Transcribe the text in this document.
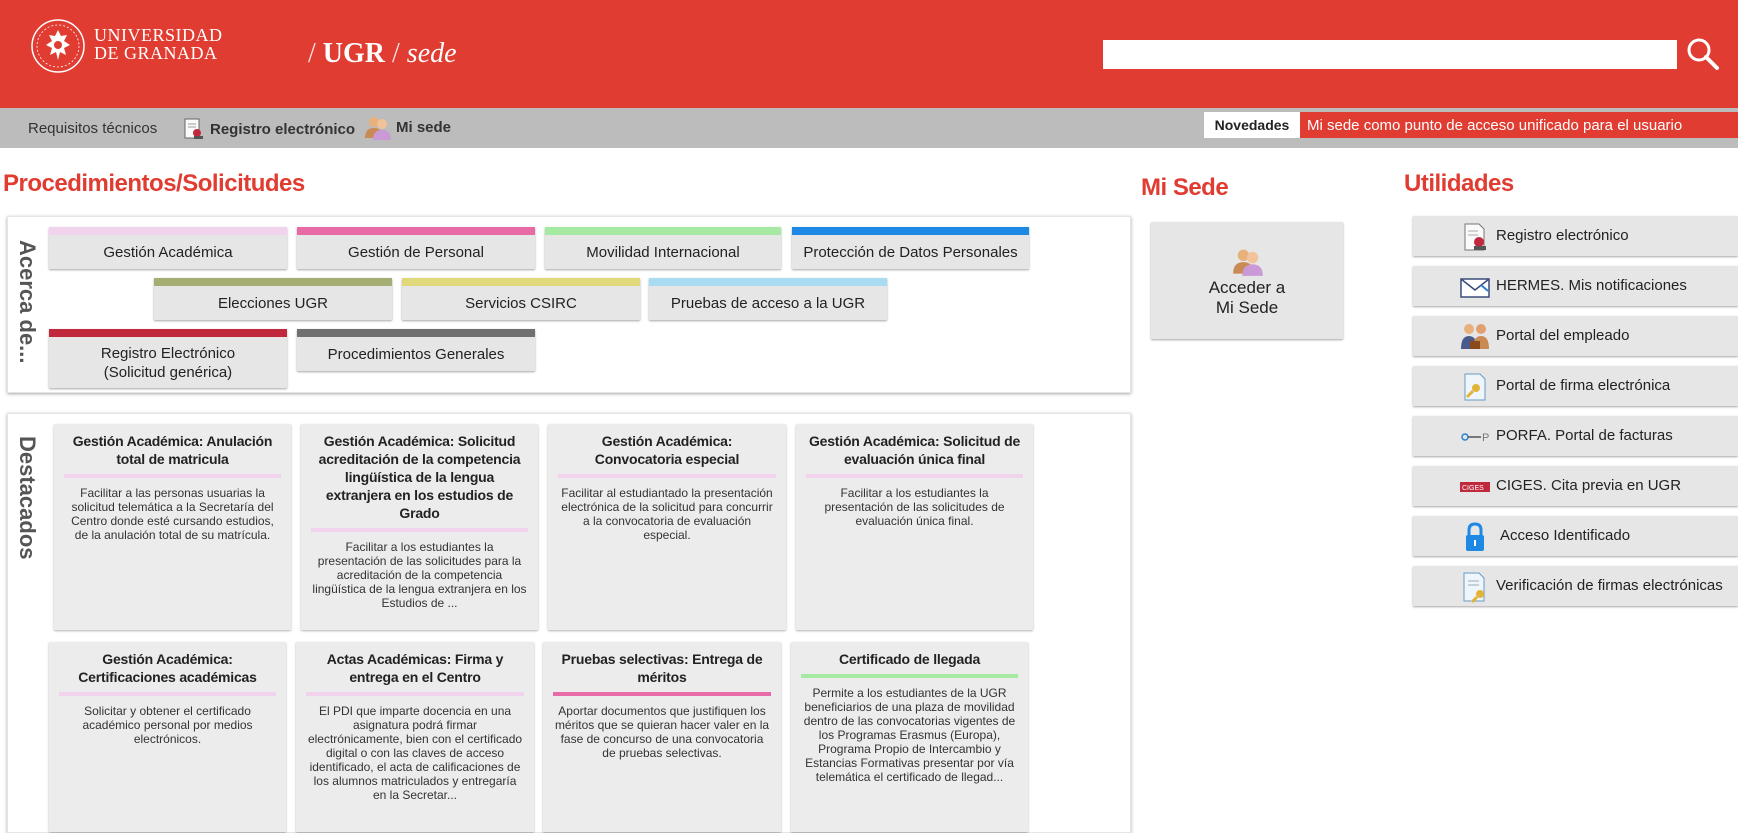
UNIVERSIDAD
DE GRANADA	/ UGR / sede
Requisitos técnicos	Registro electrónico	Mi sede	Novedades	Mi sede como punto de acceso unificado para el usuario
Procedimientos/Solicitudes
Acerca de...	Gestión Académica	Gestión de Personal	Movilidad Internacional	Protección de Datos Personales
Elecciones UGR	Servicios CSIRC	Pruebas de acceso a la UGR
Registro Electrónico
(Solicitud genérica)
Procedimientos Generales
Destacados	Gestión Académica: Anulación total de matricula

Facilitar a las personas usuarias la solicitud telemática a la Secretaría del Centro donde esté cursando estudios, de la anulación total de su matrícula.

Gestión Académica: Solicitud acreditación de la competencia lingüística de la lengua extranjera en los estudios de Grado

Facilitar a los estudiantes la presentación de las solicitudes para la acreditación de la competencia lingüística de la lengua extranjera en los Estudios de ...

Gestión Académica: Convocatoria especial

Facilitar al estudiantado la presentación electrónica de la solicitud para concurrir a la convocatoria de evaluación especial.

Gestión Académica: Solicitud de evaluación única final

Facilitar a los estudiantes la presentación de las solicitudes de evaluación única final.

Gestión Académica: Certificaciones académicas

Solicitar y obtener el certificado académico personal por medios electrónicos.

Actas Académicas: Firma y entrega en el Centro

El PDI que imparte docencia en una asignatura podrá firmar electrónicamente, bien con el certificado digital o con las claves de acceso identificado, el acta de calificaciones de los alumnos matriculados y entregaría en la Secretar...

Pruebas selectivas: Entrega de méritos

Aportar documentos que justifiquen los méritos que se quieran hacer valer en la fase de concurso de una convocatoria de pruebas selectivas.

Certificado de llegada

Permite a los estudiantes de la UGR beneficiarios de una plaza de movilidad dentro de las convocatorias vigentes de los Programas Erasmus (Europa), Programa Propio de Intercambio y Estancias Formativas presentar por vía telemática el certificado de llegad...

Mi Sede
Acceder a
Mi Sede
Utilidades
Registro electrónico
HERMES. Mis notificaciones
Portal del empleado
Portal de firma electrónica
P PORFA. Portal de facturas
CIGES CIGES. Cita previa en UGR
Acceso Identificado
Verificación de firmas electrónicas
